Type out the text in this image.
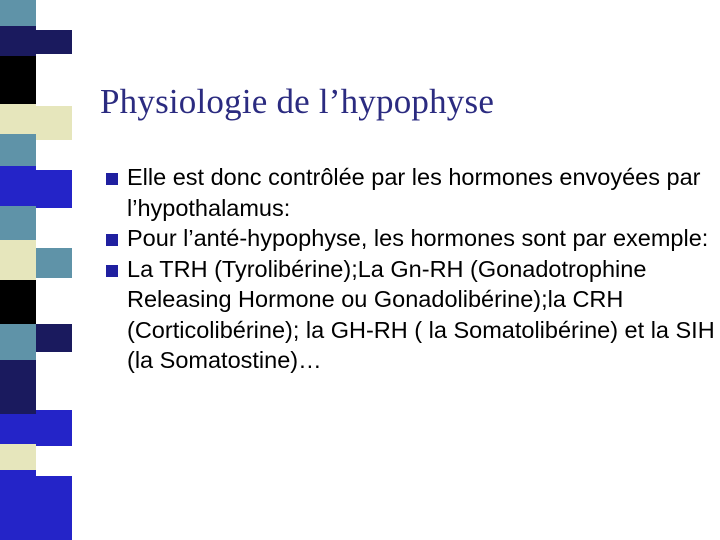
Physiologie de l’hypophyse
Elle est donc contrôlée par les hormones envoyées par l’hypothalamus:
Pour l’anté-hypophyse, les hormones sont par exemple:
La TRH (Tyrolibérine);La Gn-RH (Gonadotrophine Releasing Hormone ou Gonadolibérine);la CRH (Corticolibérine); la GH-RH ( la Somatolibérine) et la SIH (la Somatostine)…
